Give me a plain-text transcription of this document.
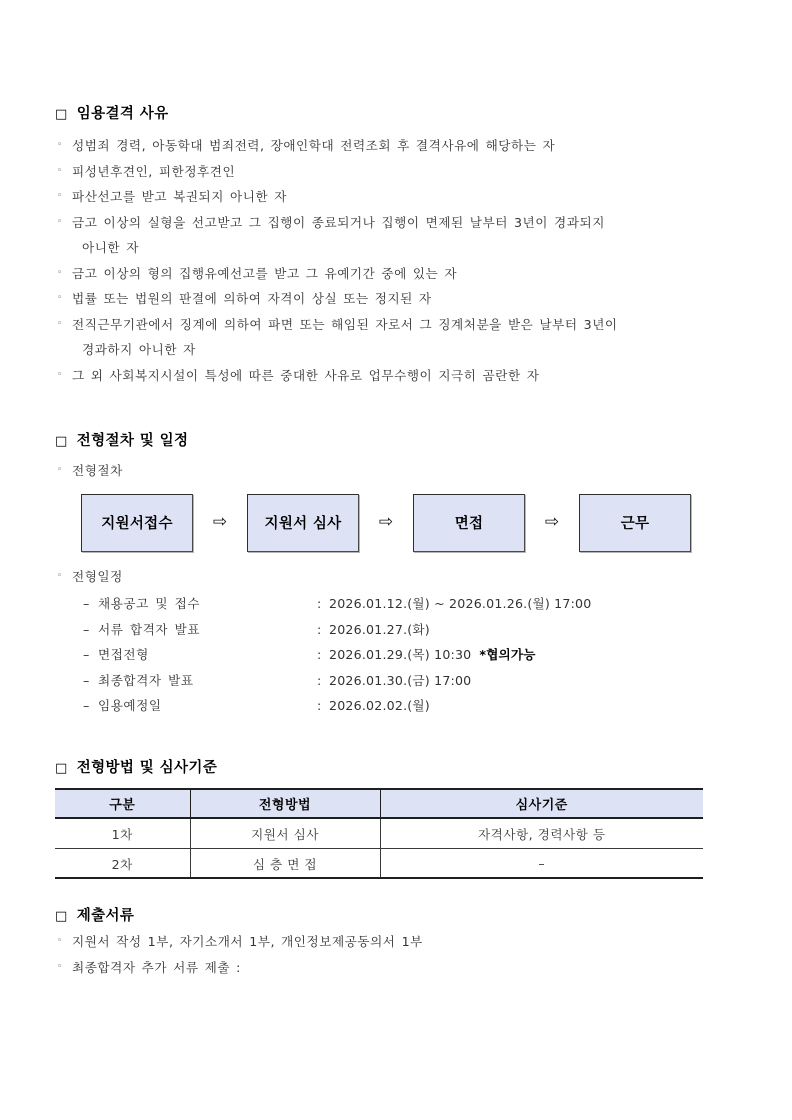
□ 임용결격 사유
◦ 성범죄 경력, 아동학대 범죄전력, 장애인학대 전력조회 후 결격사유에 해당하는 자
◦ 피성년후견인, 피한정후견인
◦ 파산선고를 받고 복권되지 아니한 자
◦ 금고 이상의 실형을 선고받고 그 집행이 종료되거나 집행이 면제된 날부터 3년이 경과되지
아니한 자
◦ 금고 이상의 형의 집행유예선고를 받고 그 유예기간 중에 있는 자
◦ 법률 또는 법원의 판결에 의하여 자격이 상실 또는 정지된 자
◦ 전직근무기관에서 징계에 의하여 파면 또는 해임된 자로서 그 징계처분을 받은 날부터 3년이
경과하지 아니한 자
◦ 그 외 사회복지시설이 특성에 따른 중대한 사유로 업무수행이 지극히 곰란한 자
□ 전형절차 및 일정
◦ 전형절차
지원서접수	⇨	지원서 심사	⇨	면접	⇨	근무
◦ 전형일정
– 채용공고 및 접수	: 2026.01.12.(월) ~ 2026.01.26.(월) 17:00
– 서류 합격자 발표	: 2026.01.27.(화)
– 면접전형	: 2026.01.29.(목) 10:30 *협의가능
– 최종합격자 발표	: 2026.01.30.(금) 17:00
– 임용예정일	: 2026.02.02.(월)
□ 전형방법 및 심사기준
구분	전형방법	심사기준
1차	지원서 심사	자격사항, 경력사항 등
2차	심 층 면 접	–
□ 제출서류
◦ 지원서 작성 1부, 자기소개서 1부, 개인정보제공동의서 1부
◦ 최종합격자 추가 서류 제출 :
